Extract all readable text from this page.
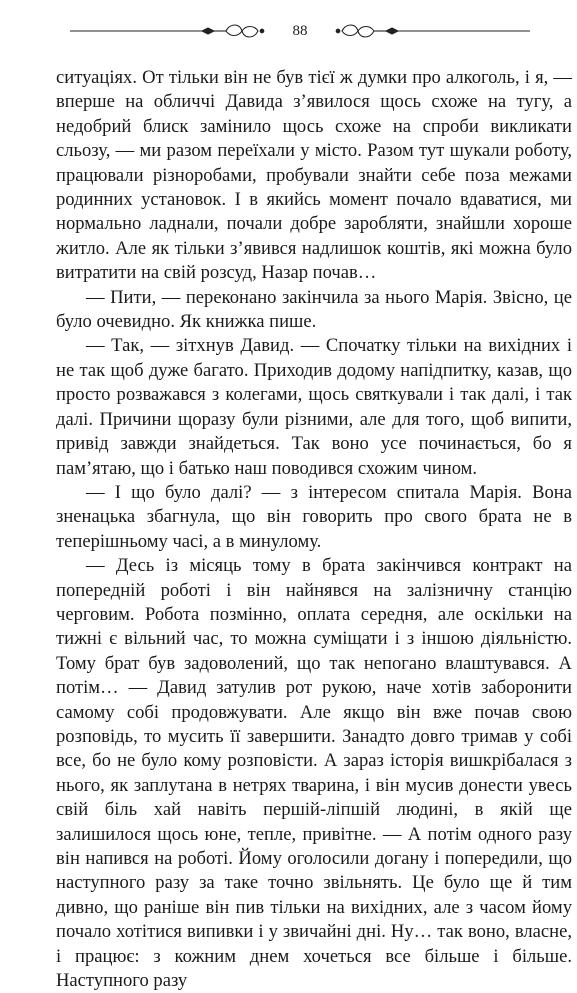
88

ситуаціях. От тільки він не був тієї ж думки про алкоголь, і я, — вперше на обличчі Давида з’явилося щось схоже на тугу, а недобрий блиск замінило щось схоже на спроби викликати сльозу, — ми разом переїхали у місто. Разом тут шукали роботу, працювали різноробами, пробували знайти себе поза межами родинних установок. І в якийсь момент почало вдаватися, ми нормально ладнали, почали добре заробляти, знайшли хороше житло. Але як тільки з’явився надлишок коштів, які можна було витратити на свій розсуд, Назар почав…

— Пити, — переконано закінчила за нього Марія. Звісно, це було очевидно. Як книжка пише.

— Так, — зітхнув Давид. — Спочатку тільки на вихідних і не так щоб дуже багато. Приходив додому напідпитку, казав, що просто розважався з колегами, щось святкували і так далі, і так далі. Причини щоразу були різними, але для того, щоб випити, привід завжди знайдеться. Так воно усе починається, бо я пам’ятаю, що і батько наш поводився схожим чином.

— І що було далі? — з інтересом спитала Марія. Вона зненацька збагнула, що він говорить про свого брата не в теперішньому часі, а в минулому.

— Десь із місяць тому в брата закінчився контракт на попередній роботі і він найнявся на залізничну станцію черговим. Робота позмінно, оплата середня, але оскільки на тижні є вільний час, то можна суміщати і з іншою діяльністю. Тому брат був задоволений, що так непогано влаштувався. А потім… — Давид затулив рот рукою, наче хотів заборонити самому собі продовжувати. Але якщо він вже почав свою розповідь, то мусить її завершити. Занадто довго тримав у собі все, бо не було кому розповісти. А зараз історія вишкрібалася з нього, як заплутана в нетрях тварина, і він мусив донести увесь свій біль хай навіть першій-ліпшій людині, в якій ще залишилося щось юне, тепле, привітне. — А потім одного разу він напився на роботі. Йому оголосили догану і попередили, що наступного разу за таке точно звільнять. Це було ще й тим дивно, що раніше він пив тільки на вихідних, але з часом йому почало хотітися випивки і у звичайні дні. Ну… так воно, власне, і працює: з кожним днем хочеться все більше і більше. Наступного разу
